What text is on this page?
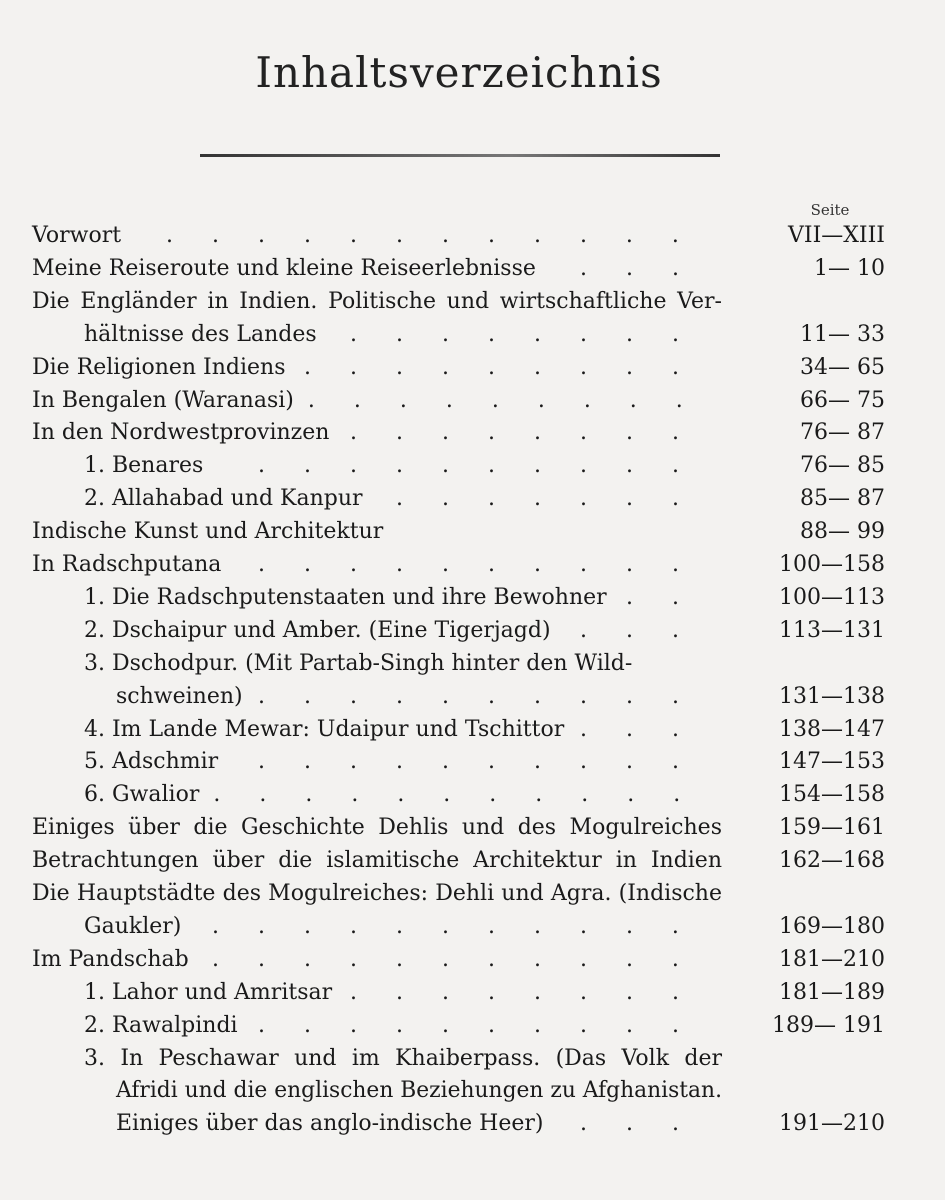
Inhaltsverzeichnis
Seite
Vorwort	VII—XIII
............
Meine Reiseroute und kleine Reiseerlebnisse	1— 10
...
Die Engländer in Indien. Politische und wirtschaftliche Ver-
hältnisse des Landes	11— 33
........
Die Religionen Indiens	34— 65
.........
In Bengalen (Waranasi)	66— 75
.........
In den Nordwestprovinzen	76— 87
........
1. Benares	76— 85
..........
2. Allahabad und Kanpur	85— 87
.......
Indische Kunst und Architektur	88— 99
In Radschputana	100—158
..........
1. Die Radschputenstaaten und ihre Bewohner	100—113
..
2. Dschaipur und Amber. (Eine Tigerjagd)	113—131
...
3. Dschodpur. (Mit Partab-Singh hinter den Wild-
schweinen)	131—138
..........
4. Im Lande Mewar: Udaipur und Tschittor	138—147
...
5. Adschmir	147—153
..........
6. Gwalior	154—158
...........
Einiges über die Geschichte Dehlis und des Mogulreiches	159—161
Betrachtungen über die islamitische Architektur in Indien	162—168
Die Hauptstädte des Mogulreiches: Dehli und Agra. (Indische
Gaukler)	169—180
...........
Im Pandschab	181—210
...........
1. Lahor und Amritsar	181—189
........
2. Rawalpindi	189— 191
..........
3. In Peschawar und im Khaiberpass. (Das Volk der
Afridi und die englischen Beziehungen zu Afghanistan.
Einiges über das anglo-indische Heer)	191—210
...
